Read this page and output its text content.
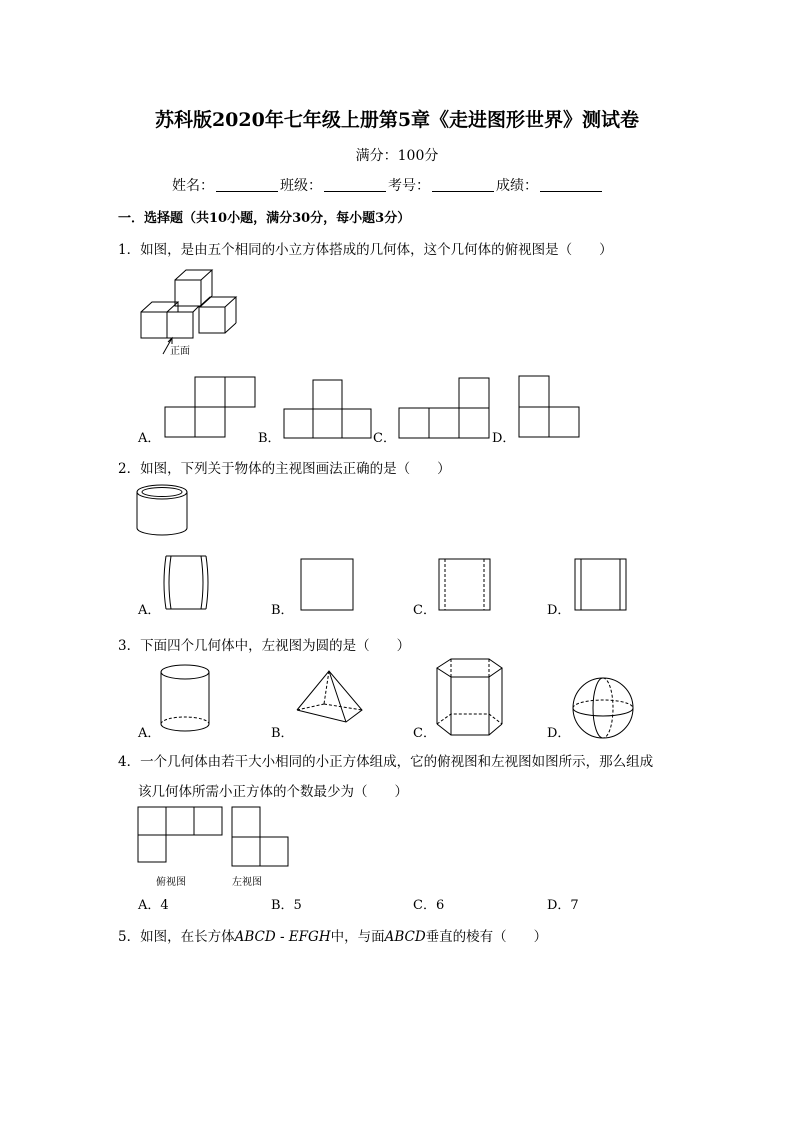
苏科版2020年七年级上册第5章《走进图形世界》测试卷
满分：100分
姓名：	班级：	考号：	成绩：
一．选择题（共10小题，满分30分，每小题3分）
1．如图，是由五个相同的小立方体搭成的几何体，这个几何体的俯视图是（　　）
正面
A．	B．	C．	D．
2．如图，下列关于物体的主视图画法正确的是（　　）
A．	B．	C．	D．
3．下面四个几何体中，左视图为圆的是（　　）
A．	B．	C．	D．
4．一个几何体由若干大小相同的小正方体组成，它的俯视图和左视图如图所示，那么组成
该几何体所需小正方体的个数最少为（　　）
俯视图	左视图
A．4	B．5	C．6	D．7
5．如图，在长方体ABCD - EFGH中，与面ABCD垂直的棱有（　　）
